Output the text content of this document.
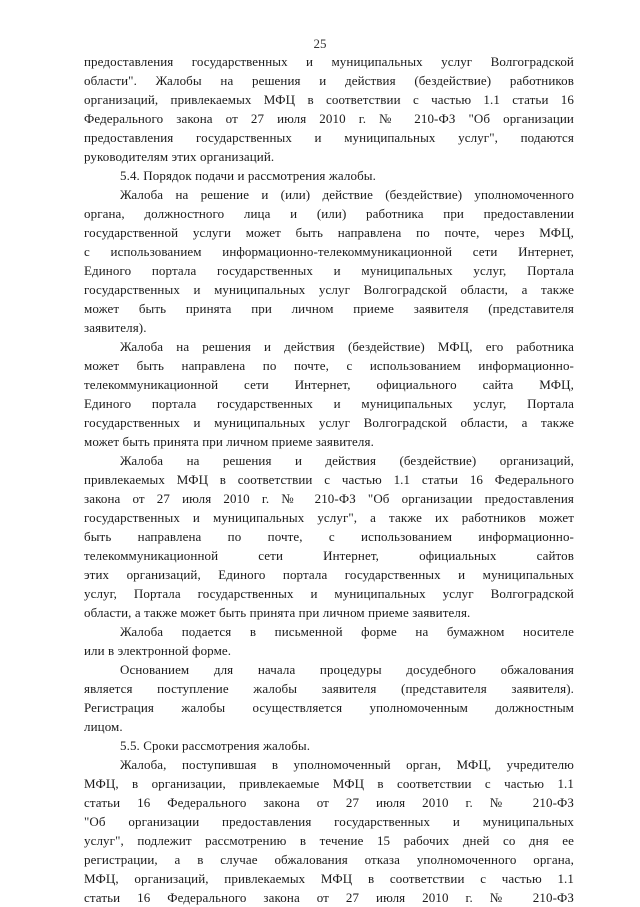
25
предоставления государственных и муниципальных услуг Волгоградской
области". Жалобы на решения и действия (бездействие) работников
организаций, привлекаемых МФЦ в соответствии с частью 1.1 статьи 16
Федерального закона от 27 июля 2010 г. № 210-ФЗ "Об организации
предоставления государственных и муниципальных услуг", подаются
руководителям этих организаций.
5.4. Порядок подачи и рассмотрения жалобы.
Жалоба на решение и (или) действие (бездействие) уполномоченного
органа, должностного лица и (или) работника при предоставлении
государственной услуги может быть направлена по почте, через МФЦ,
с использованием информационно-телекоммуникационной сети Интернет,
Единого портала государственных и муниципальных услуг, Портала
государственных и муниципальных услуг Волгоградской области, а также
может быть принята при личном приеме заявителя (представителя
заявителя).
Жалоба на решения и действия (бездействие) МФЦ, его работника
может быть направлена по почте, с использованием информационно-
телекоммуникационной сети Интернет, официального сайта МФЦ,
Единого портала государственных и муниципальных услуг, Портала
государственных и муниципальных услуг Волгоградской области, а также
может быть принята при личном приеме заявителя.
Жалоба на решения и действия (бездействие) организаций,
привлекаемых МФЦ в соответствии с частью 1.1 статьи 16 Федерального
закона от 27 июля 2010 г. № 210-ФЗ "Об организации предоставления
государственных и муниципальных услуг", а также их работников может
быть направлена по почте, с использованием информационно-
телекоммуникационной сети Интернет, официальных сайтов
этих организаций, Единого портала государственных и муниципальных
услуг, Портала государственных и муниципальных услуг Волгоградской
области, а также может быть принята при личном приеме заявителя.
Жалоба подается в письменной форме на бумажном носителе
или в электронной форме.
Основанием для начала процедуры досудебного обжалования
является поступление жалобы заявителя (представителя заявителя).
Регистрация жалобы осуществляется уполномоченным должностным
лицом.
5.5. Сроки рассмотрения жалобы.
Жалоба, поступившая в уполномоченный орган, МФЦ, учредителю
МФЦ, в организации, привлекаемые МФЦ в соответствии с частью 1.1
статьи 16 Федерального закона от 27 июля 2010 г. № 210-ФЗ
"Об организации предоставления государственных и муниципальных
услуг", подлежит рассмотрению в течение 15 рабочих дней со дня ее
регистрации, а в случае обжалования отказа уполномоченного органа,
МФЦ, организаций, привлекаемых МФЦ в соответствии с частью 1.1
статьи 16 Федерального закона от 27 июля 2010 г. № 210-ФЗ
